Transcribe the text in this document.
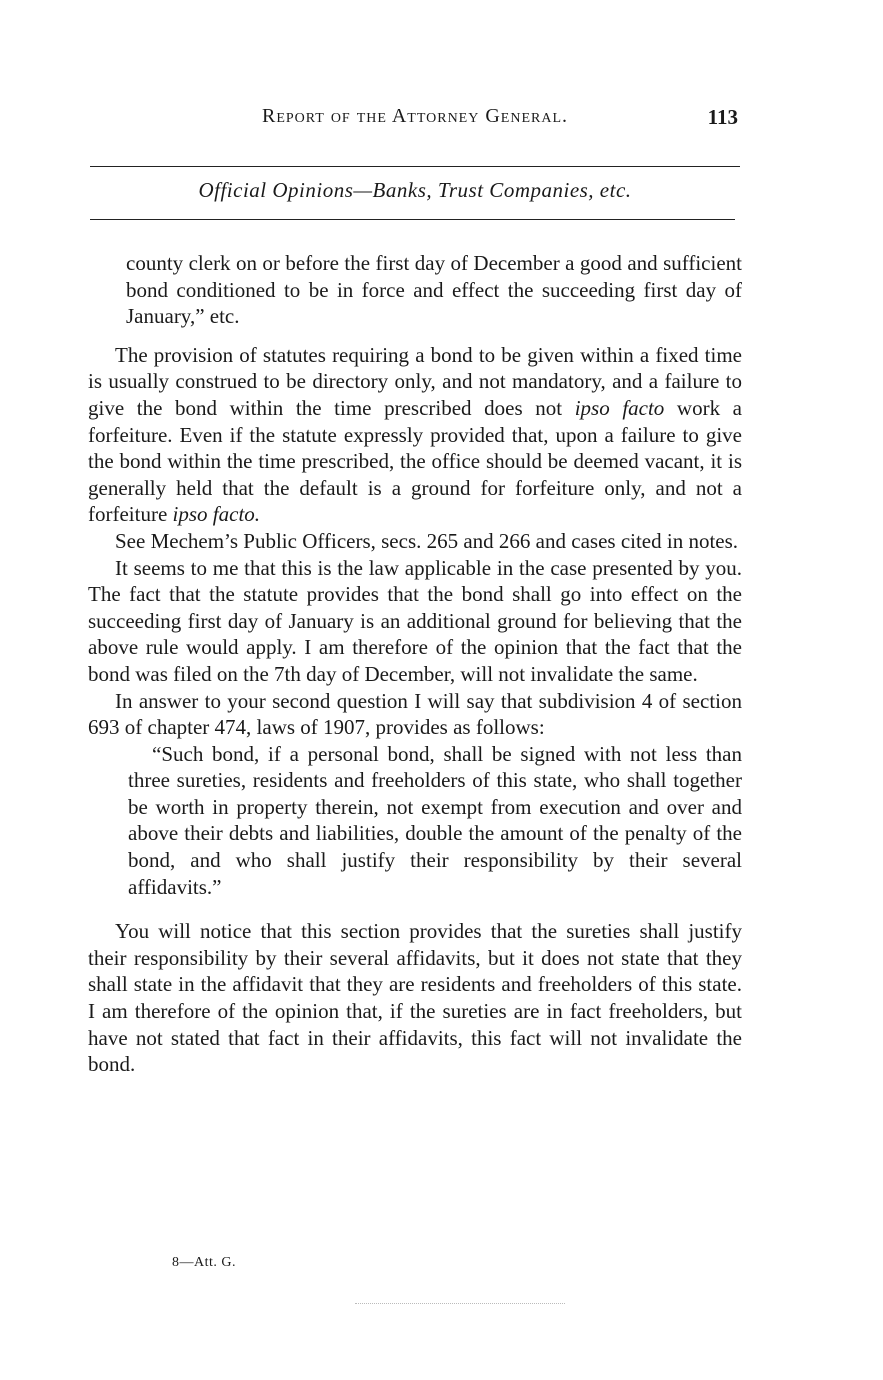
Report of the Attorney General.	113
Official Opinions—Banks, Trust Companies, etc.

county clerk on or before the first day of December a good and sufficient bond conditioned to be in force and effect the succeeding first day of January,” etc.

The provision of statutes requiring a bond to be given within a fixed time is usually construed to be directory only, and not mandatory, and a failure to give the bond within the time prescribed does not ipso facto work a forfeiture. Even if the statute expressly provided that, upon a failure to give the bond within the time prescribed, the office should be deemed vacant, it is generally held that the default is a ground for forfeiture only, and not a forfeiture ipso facto.

See Mechem’s Public Officers, secs. 265 and 266 and cases cited in notes.

It seems to me that this is the law applicable in the case presented by you. The fact that the statute provides that the bond shall go into effect on the succeeding first day of January is an additional ground for believing that the above rule would apply. I am therefore of the opinion that the fact that the bond was filed on the 7th day of December, will not invalidate the same.

In answer to your second question I will say that subdivision 4 of section 693 of chapter 474, laws of 1907, provides as follows:

“Such bond, if a personal bond, shall be signed with not less than three sureties, residents and freeholders of this state, who shall together be worth in property therein, not exempt from execution and over and above their debts and liabilities, double the amount of the penalty of the bond, and who shall justify their responsibility by their several affidavits.”

You will notice that this section provides that the sureties shall justify their responsibility by their several affidavits, but it does not state that they shall state in the affidavit that they are residents and freeholders of this state. I am therefore of the opinion that, if the sureties are in fact freeholders, but have not stated that fact in their affidavits, this fact will not invalidate the bond.

8—Att. G.
